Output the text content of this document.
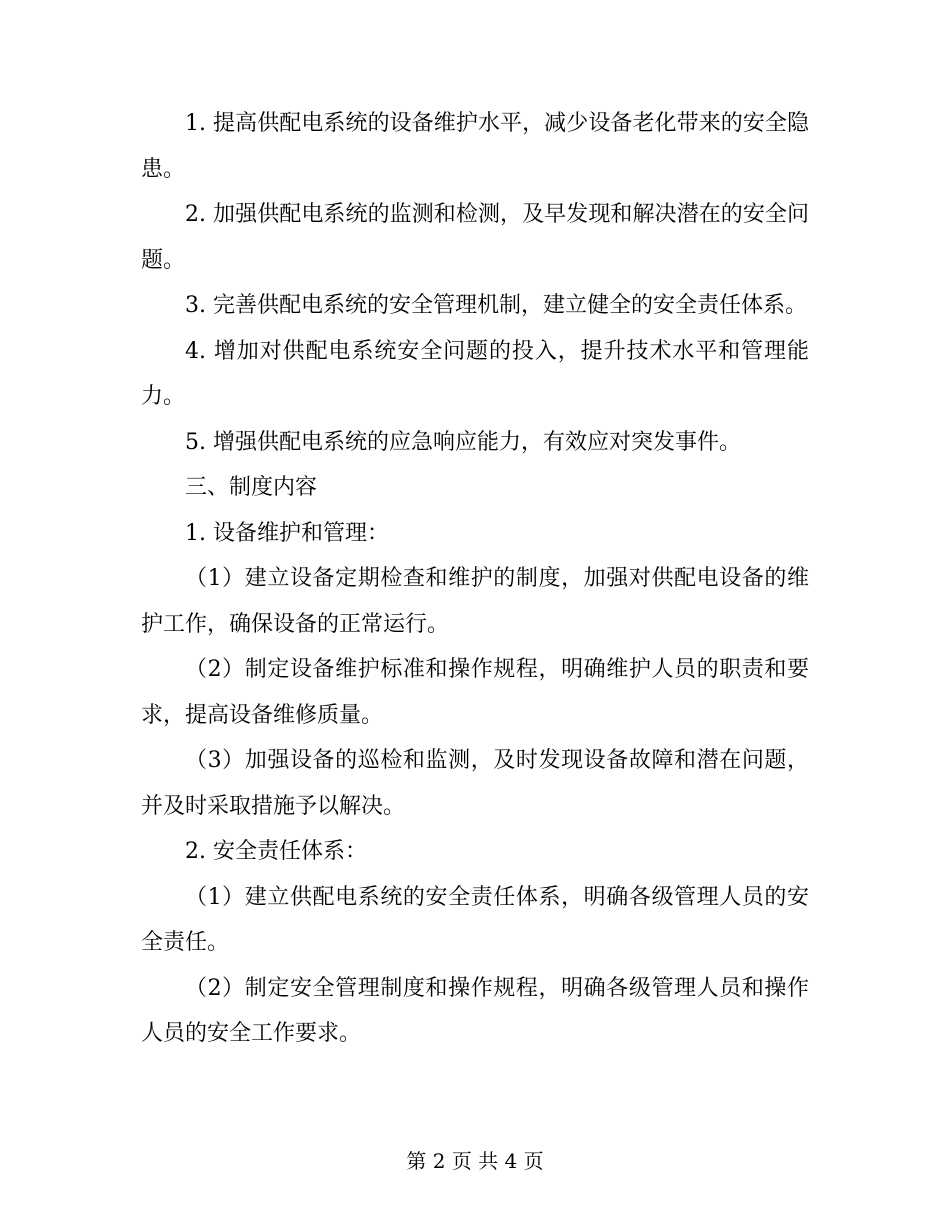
1. 提高供配电系统的设备维护水平，减少设备老化带来的安全隐患。

2. 加强供配电系统的监测和检测，及早发现和解决潜在的安全问题。

3. 完善供配电系统的安全管理机制，建立健全的安全责任体系。

4. 增加对供配电系统安全问题的投入，提升技术水平和管理能力。

5. 增强供配电系统的应急响应能力，有效应对突发事件。

三、制度内容

1. 设备维护和管理：

（1）建立设备定期检查和维护的制度，加强对供配电设备的维护工作，确保设备的正常运行。

（2）制定设备维护标准和操作规程，明确维护人员的职责和要求，提高设备维修质量。

（3）加强设备的巡检和监测，及时发现设备故障和潜在问题，并及时采取措施予以解决。

2. 安全责任体系：

（1）建立供配电系统的安全责任体系，明确各级管理人员的安全责任。

（2）制定安全管理制度和操作规程，明确各级管理人员和操作人员的安全工作要求。

第 2 页 共 4 页
